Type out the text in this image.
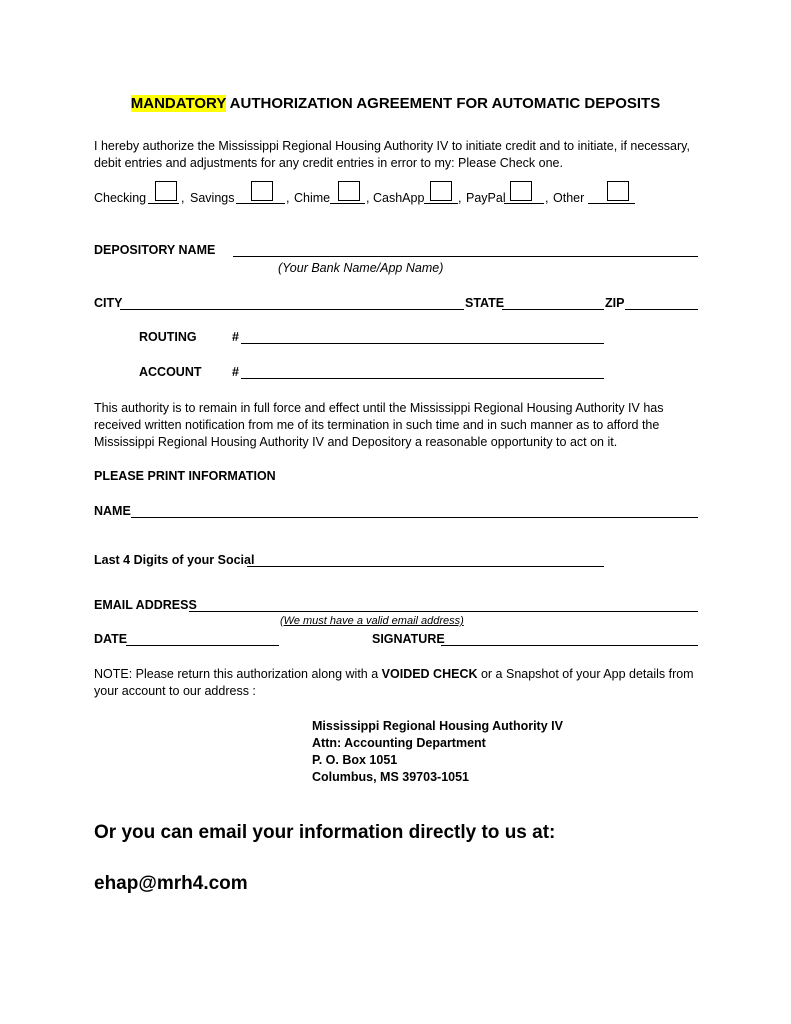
MANDATORY AUTHORIZATION AGREEMENT FOR AUTOMATIC DEPOSITS
I hereby authorize the Mississippi Regional Housing Authority IV to initiate credit and to initiate, if necessary, debit entries and adjustments for any credit entries in error to my: Please Check one.
Checking	, Savings	, Chime	, CashApp	, PayPal	, Other
DEPOSITORY NAME
(Your Bank Name/App Name)
CITY	STATE	ZIP
ROUTING	#
ACCOUNT #
This authority is to remain in full force and effect until the Mississippi Regional Housing Authority IV has received written notification from me of its termination in such time and in such manner as to afford the Mississippi Regional Housing Authority IV and Depository a reasonable opportunity to act on it.
PLEASE PRINT INFORMATION
NAME
Last 4 Digits of your Social
EMAIL ADDRESS
(We must have a valid email address)
DATE	SIGNATURE
NOTE: Please return this authorization along with a VOIDED CHECK or a Snapshot of your App details from your account to our address :
Mississippi Regional Housing Authority IV
Attn: Accounting Department
P. O. Box 1051
Columbus, MS 39703-1051
Or you can email your information directly to us at:
ehap@mrh4.com
